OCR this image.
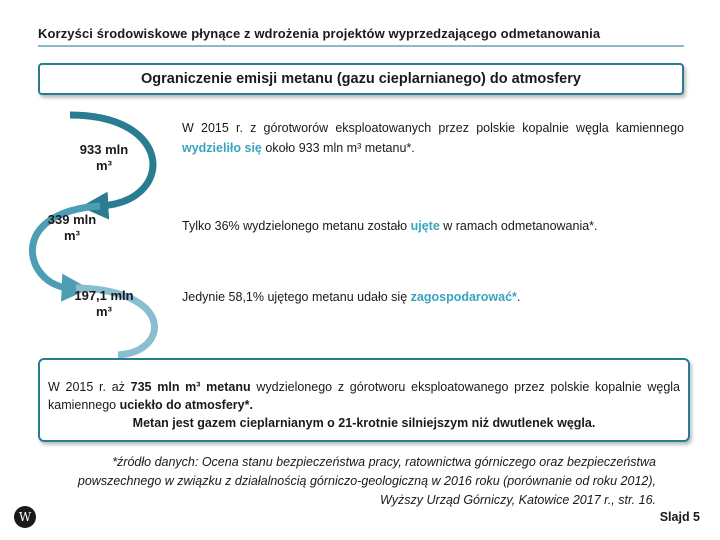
Korzyści środowiskowe płynące z wdrożenia projektów wyprzedzającego odmetanowania
Ograniczenie emisji metanu (gazu cieplarnianego) do atmosfery
933 mln
m³
339 mln
m³
197,1 mln
m³
W 2015 r. z górotworów eksploatowanych przez polskie kopalnie węgla kamiennego wydzieliło się około 933 mln m³ metanu*.
Tylko 36% wydzielonego metanu zostało ujęte w ramach odmetanowania*.
Jedynie 58,1% ujętego metanu udało się zagospodarować*.

W 2015 r. aż 735 mln m³ metanu wydzielonego z górotworu eksploatowanego przez polskie kopalnie węgla kamiennego uciekło do atmosfery*.

Metan jest gazem cieplarnianym o 21-krotnie silniejszym niż dwutlenek węgla.

*źródło danych: Ocena stanu bezpieczeństwa pracy, ratownictwa górniczego oraz bezpieczeństwa powszechnego w związku z działalnością górniczo-geologiczną w 2016 roku (porównanie od roku 2012), Wyższy Urząd Górniczy, Katowice 2017 r., str. 16.
W	Slajd 5
